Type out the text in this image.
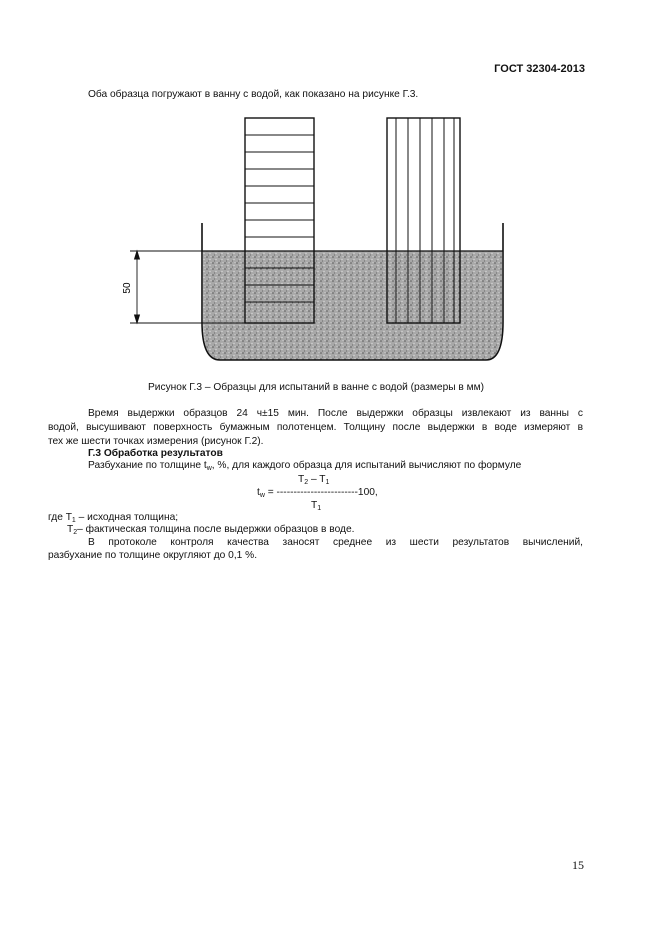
ГОСТ 32304-2013
Оба образца погружают в ванну с водой, как показано на рисунке Г.3.
50
Рисунок Г.3 – Образцы для испытаний в ванне с водой (размеры в мм)
Время выдержки образцов 24 ч±15 мин. После выдержки образцы извлекают из ванны с
водой, высушивают поверхность бумажным полотенцем. Толщину после выдержки в воде измеряют в
тех же шести точках измерения (рисунок Г.2).
Г.3 Обработка результатов
Разбухание по толщине $t_w$, %, для каждого образца для испытаний вычисляют по формуле
$T_2 - T_1$
$t_w = ------------------------100$,
$T_1$
где $T_1$ – исходная толщина;
$T_2-$ фактическая толщина после выдержки образцов в воде.
В протоколе контроля качества заносят среднее из шести результатов вычислений,
разбухание по толщине округляют до 0,1 %.
15
